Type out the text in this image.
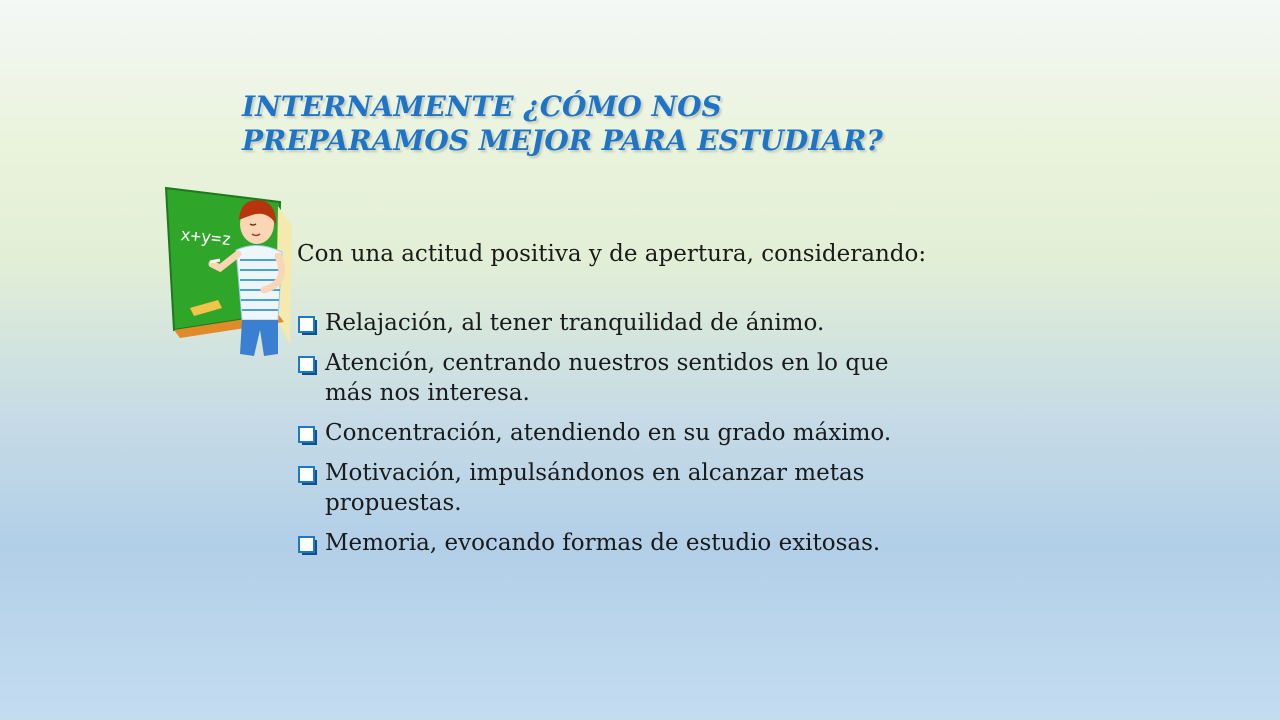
INTERNAMENTE ¿CÓMO NOS
PREPARAMOS MEJOR PARA ESTUDIAR?
x+y=z

Con una actitud positiva y de apertura, considerando:

Relajación, al tener tranquilidad de ánimo.
Atención, centrando nuestros sentidos en lo que
más nos interesa.
Concentración, atendiendo en su grado máximo.
Motivación, impulsándonos en alcanzar metas
propuestas.
Memoria, evocando formas de estudio exitosas.
